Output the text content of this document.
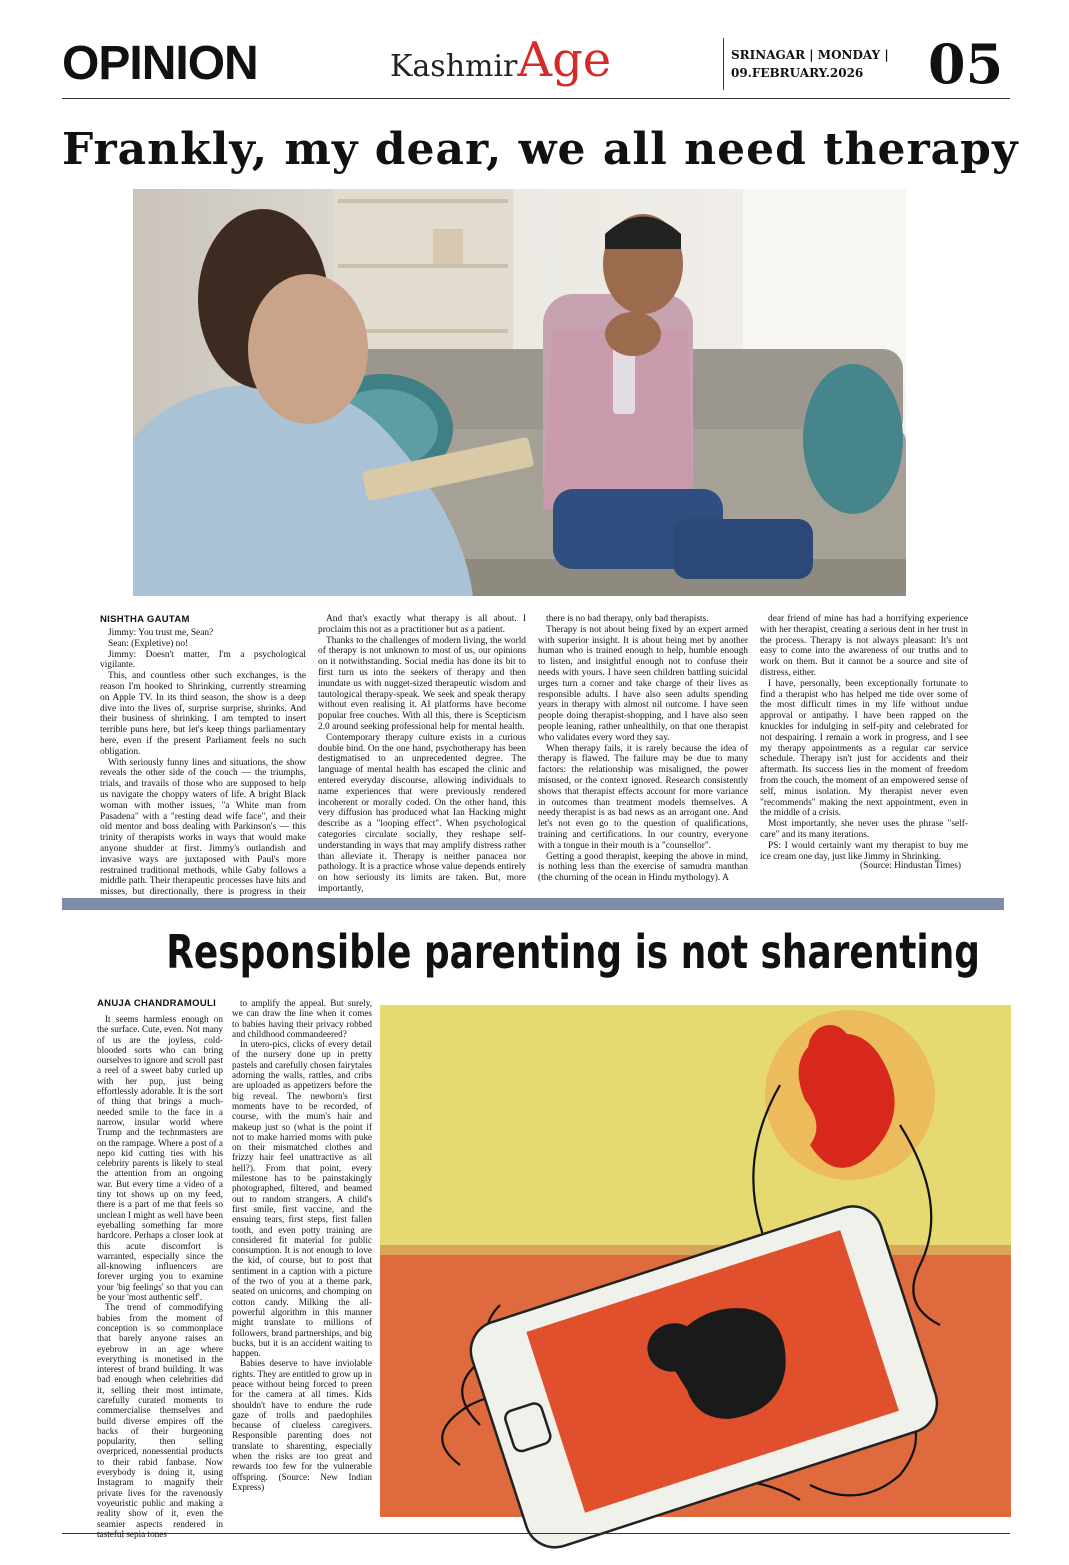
OPINION	KashmirAge	SRINAGAR | MONDAY |
09.FEBRUARY.2026 05
Frankly, my dear, we all need therapy
NISHTHA GAUTAM

Jimmy: You trust me, Sean?

Sean: (Expletive) no!

Jimmy: Doesn't matter, I'm a psychological vigilante.

This, and countless other such exchanges, is the reason I'm hooked to Shrinking, currently streaming on Apple TV. In its third season, the show is a deep dive into the lives of, surprise surprise, shrinks. And their business of shrinking. I am tempted to insert terrible puns here, but let's keep things parliamentary here, even if the present Parliament feels no such obligation.

With seriously funny lines and situations, the show reveals the other side of the couch — the triumphs, trials, and travails of those who are supposed to help us navigate the choppy waters of life. A bright Black woman with mother issues, "a White man from Pasadena" with a "resting dead wife face", and their old mentor and boss dealing with Parkinson's — this trinity of therapists works in ways that would make anyone shudder at first. Jimmy's outlandish and invasive ways are juxtaposed with Paul's more restrained traditional methods, while Gaby follows a middle path. Their therapeutic processes have hits and misses, but directionally, there is progress in their

And that's exactly what therapy is all about. I proclaim this not as a practitioner but as a patient.

Thanks to the challenges of modern living, the world of therapy is not unknown to most of us, our opinions on it notwithstanding. Social media has done its bit to first turn us into the seekers of therapy and then inundate us with nugget-sized therapeutic wisdom and tautological therapy-speak. We seek and speak therapy without even realising it. AI platforms have become popular free couches. With all this, there is Scepticism 2.0 around seeking professional help for mental health.

Contemporary therapy culture exists in a curious double bind. On the one hand, psychotherapy has been destigmatised to an unprecedented degree. The language of mental health has escaped the clinic and entered everyday discourse, allowing individuals to name experiences that were previously rendered incoherent or morally coded. On the other hand, this very diffusion has produced what Ian Hacking might describe as a "looping effect". When psychological categories circulate socially, they reshape self-understanding in ways that may amplify distress rather than alleviate it. Therapy is neither panacea nor pathology. It is a practice whose value depends entirely on how seriously its limits are taken. But, more importantly,

there is no bad therapy, only bad therapists.

Therapy is not about being fixed by an expert armed with superior insight. It is about being met by another human who is trained enough to help, humble enough to listen, and insightful enough not to confuse their needs with yours. I have seen children battling suicidal urges turn a corner and take charge of their lives as responsible adults. I have also seen adults spending years in therapy with almost nil outcome. I have seen people doing therapist-shopping, and I have also seen people leaning, rather unhealthily, on that one therapist who validates every word they say.

When therapy fails, it is rarely because the idea of therapy is flawed. The failure may be due to many factors: the relationship was misaligned, the power misused, or the context ignored. Research consistently shows that therapist effects account for more variance in outcomes than treatment models themselves. A needy therapist is as bad news as an arrogant one. And let's not even go to the question of qualifications, training and certifications. In our country, everyone with a tongue in their mouth is a "counsellor".

Getting a good therapist, keeping the above in mind, is nothing less than the exercise of samudra manthan (the churning of the ocean in Hindu mythology). A

dear friend of mine has had a horrifying experience with her therapist, creating a serious dent in her trust in the process. Therapy is not always pleasant: It's not easy to come into the awareness of our truths and to work on them. But it cannot be a source and site of distress, either.

I have, personally, been exceptionally fortunate to find a therapist who has helped me tide over some of the most difficult times in my life without undue approval or antipathy. I have been rapped on the knuckles for indulging in self-pity and celebrated for not despairing. I remain a work in progress, and I see my therapy appointments as a regular car service schedule. Therapy isn't just for accidents and their aftermath. Its success lies in the moment of freedom from the couch, the moment of an empowered sense of self, minus isolation. My therapist never even "recommends" making the next appointment, even in the middle of a crisis.

Most importantly, she never uses the phrase "self-care" and its many iterations.

PS: I would certainly want my therapist to buy me ice cream one day, just like Jimmy in Shrinking.

(Source: Hindustan Times)
Responsible parenting is not sharenting
ANUJA CHANDRAMOULI

It seems harmless enough on the surface. Cute, even. Not many of us are the joyless, cold-blooded sorts who can bring ourselves to ignore and scroll past a reel of a sweet baby curled up with her pup, just being effortlessly adorable. It is the sort of thing that brings a much-needed smile to the face in a narrow, insular world where Trump and the technmasters are on the rampage. Where a post of a nepo kid cutting ties with his celebrity parents is likely to steal the attention from an ongoing war. But every time a video of a tiny tot shows up on my feed, there is a part of me that feels so unclean I might as well have been eyeballing something far more hardcore. Perhaps a closer look at this acute discomfort is warranted, especially since the all-knowing influencers are forever urging you to examine your 'big feelings' so that you can be your 'most authentic self'.

The trend of commodifying babies from the moment of conception is so commonplace that barely anyone raises an eyebrow in an age where everything is monetised in the interest of brand building. It was bad enough when celebrities did it, selling their most intimate, carefully curated moments to commercialise themselves and build diverse empires off the backs of their burgeoning popularity, then selling overpriced, nonessential products to their rabid fanbase. Now everybody is doing it, using Instagram to magnify their private lives for the ravenously voyeuristic public and making a reality show of it, even the seamier aspects rendered in

to amplify the appeal. But surely, we can draw the line when it comes to babies having their privacy robbed and childhood commandeered?

In utero-pics, clicks of every detail of the nursery done up in pretty pastels and carefully chosen fairytales adorning the walls, rattles, and cribs are uploaded as appetizers before the big reveal. The newborn's first moments have to be recorded, of course, with the mum's hair and makeup just so (what is the point if not to make harried moms with puke on their mismatched clothes and frizzy hair feel unattractive as all hell?). From that point, every milestone has to be painstakingly photographed, filtered, and beamed out to random strangers. A child's first smile, first vaccine, and the ensuing tears, first steps, first fallen tooth, and even potty training are considered fit material for public consumption. It is not enough to love the kid, of course, but to post that sentiment in a caption with a picture of the two of you at a theme park, seated on unicorns, and chomping on cotton candy. Milking the all-powerful algorithm in this manner might translate to millions of followers, brand partnerships, and big bucks, but it is an accident waiting to happen.

Babies deserve to have inviolable rights. They are entitled to grow up in peace without being forced to preen for the camera at all times. Kids shouldn't have to endure the rude gaze of trolls and paedophiles because of clueless caregivers. Responsible parenting does not translate to sharenting, especially when the risks are too great and rewards too few for the vulnerable offspring. (Source: New Indian Express)
